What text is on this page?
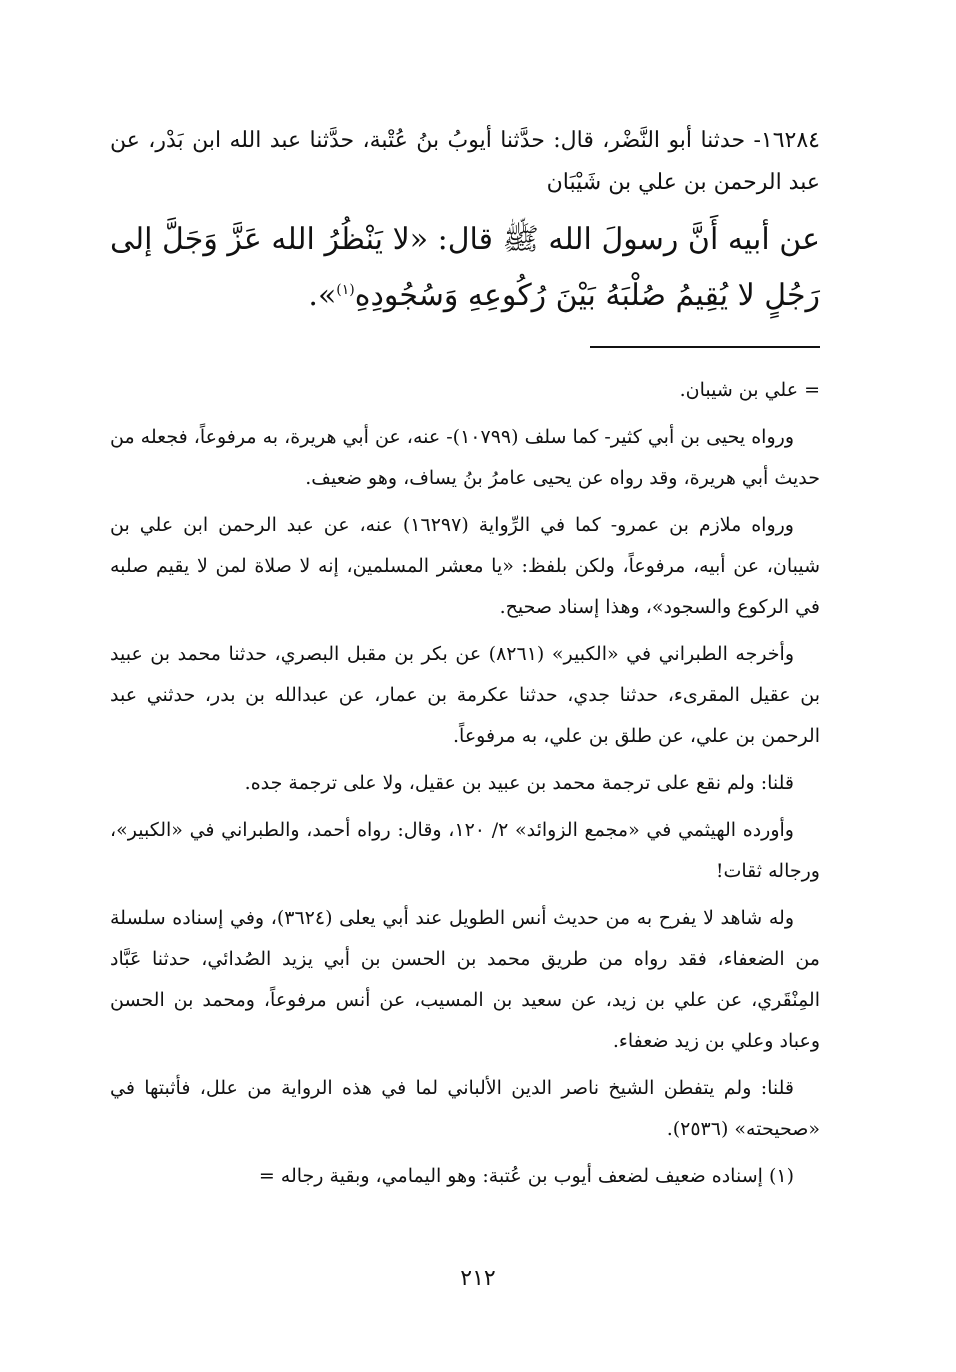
١٦٢٨٤- حدثنا أبو النَّضْر، قال: حدَّثنا أيوبُ بنُ عُتْبة، حدَّثنا عبد الله ابن بَدْر، عن عبد الرحمن بن علي بن شَيْبَان

عن أبيه أَنَّ رسولَ الله ﷺ قال: «لا يَنْظُرُ الله عَزَّ وَجَلَّ إلى رَجُلٍ لا يُقِيمُ صُلْبَهُ بَيْنَ رُكُوعِهِ وَسُجُودِهِ$^{(١)}$».

= علي بن شيبان.

ورواه يحيى بن أبي كثير- كما سلف (١٠٧٩٩)- عنه، عن أبي هريرة، به مرفوعاً، فجعله من حديث أبي هريرة، وقد رواه عن يحيى عامرُ بنُ يساف، وهو ضعيف.

ورواه ملازم بن عمرو- كما في الرِّواية (١٦٢٩٧) عنه، عن عبد الرحمن ابن علي بن شيبان، عن أبيه، مرفوعاً، ولكن بلفظ: «يا معشر المسلمين، إنه لا صلاة لمن لا يقيم صلبه في الركوع والسجود»، وهذا إسناد صحيح.

وأخرجه الطبراني في «الكبير» (٨٢٦١) عن بكر بن مقبل البصري، حدثنا محمد بن عبيد بن عقيل المقرىء، حدثنا جدي، حدثنا عكرمة بن عمار، عن عبدالله بن بدر، حدثني عبد الرحمن بن علي، عن طلق بن علي، به مرفوعاً.

قلنا: ولم نقع على ترجمة محمد بن عبيد بن عقيل، ولا على ترجمة جده.

وأورده الهيثمي في «مجمع الزوائد» ٢/ ١٢٠، وقال: رواه أحمد، والطبراني في «الكبير»، ورجاله ثقات!

وله شاهد لا يفرح به من حديث أنس الطويل عند أبي يعلى (٣٦٢٤)، وفي إسناده سلسلة من الضعفاء، فقد رواه من طريق محمد بن الحسن بن أبي يزيد الصُدائي، حدثنا عَبَّاد المِنْقَري، عن علي بن زيد، عن سعيد بن المسيب، عن أنس مرفوعاً، ومحمد بن الحسن وعباد وعلي بن زيد ضعفاء.

قلنا: ولم يتفطن الشيخ ناصر الدين الألباني لما في هذه الرواية من علل، فأثبتها في «صحيحته» (٢٥٣٦).

(١) إسناده ضعيف لضعف أيوب بن عُتبة: وهو اليمامي، وبقية رجاله =

٢١٢
